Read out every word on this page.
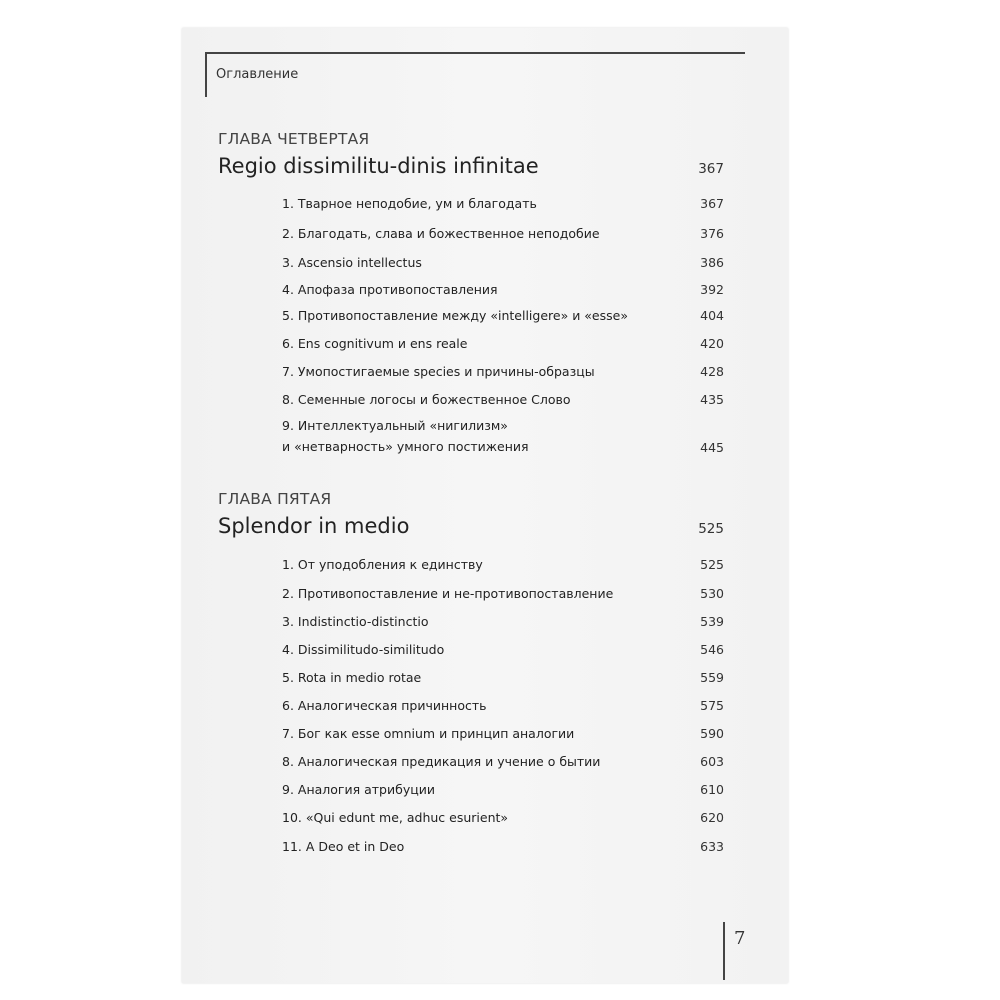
Оглавление
ГЛАВА ЧЕТВЕРТАЯ
Regio dissimilitu-dinis infinitae	367
1. Тварное неподобие, ум и благодать	367
2. Благодать, слава и божественное неподобие	376
3. Ascensio intellectus	386
4. Апофаза противопоставления	392
5. Противопоставление между «intelligere» и «esse»	404
6. Ens cognitivum и ens reale	420
7. Умопостигаемые species и причины-образцы	428
8. Семенные логосы и божественное Слово	435
9. Интеллектуальный «нигилизм»
и «нетварность» умного постижения	445
ГЛАВА ПЯТАЯ
Splendor in medio	525
1. От уподобления к единству	525
2. Противопоставление и не-противопоставление	530
3. Indistinctio-distinctio	539
4. Dissimilitudo-similitudo	546
5. Rota in medio rotae	559
6. Аналогическая причинность	575
7. Бог как esse omnium и принцип аналогии	590
8. Аналогическая предикация и учение о бытии	603
9. Аналогия атрибуции	610
10. «Qui edunt me, adhuc esurient»	620
11. A Deo et in Deo	633
7
